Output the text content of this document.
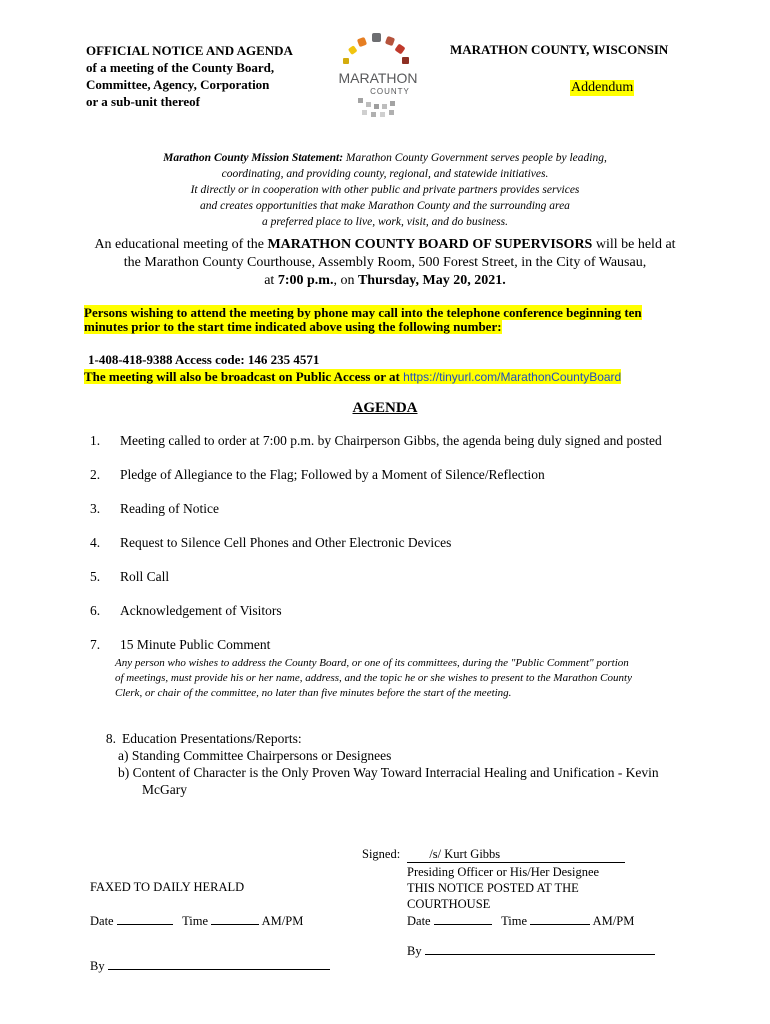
OFFICIAL NOTICE AND AGENDA
of a meeting of the County Board,
Committee, Agency, Corporation
or a sub-unit thereof
MARATHON
COUNTY
MARATHON COUNTY, WISCONSIN
Addendum
Marathon County Mission Statement: Marathon County Government serves people by leading,
coordinating, and providing county, regional, and statewide initiatives.
It directly or in cooperation with other public and private partners provides services
and creates opportunities that make Marathon County and the surrounding area
a preferred place to live, work, visit, and do business.
An educational meeting of the MARATHON COUNTY BOARD OF SUPERVISORS will be held at
the Marathon County Courthouse, Assembly Room, 500 Forest Street, in the City of Wausau,
at 7:00 p.m., on Thursday, May 20, 2021.
Persons wishing to attend the meeting by phone may call into the telephone conference beginning ten minutes prior to the start time indicated above using the following number:
1-408-418-9388 Access code: 146 235 4571
The meeting will also be broadcast on Public Access or at https://tinyurl.com/MarathonCountyBoard
AGENDA
1. Meeting called to order at 7:00 p.m. by Chairperson Gibbs, the agenda being duly signed and posted
2. Pledge of Allegiance to the Flag; Followed by a Moment of Silence/Reflection
3. Reading of Notice
4. Request to Silence Cell Phones and Other Electronic Devices
5. Roll Call
6. Acknowledgement of Visitors
7. 15 Minute Public Comment
Any person who wishes to address the County Board, or one of its committees, during the "Public Comment" portion of meetings, must provide his or her name, address, and the topic he or she wishes to present to the Marathon County Clerk, or chair of the committee, no later than five minutes before the start of the meeting.
8. Education Presentations/Reports:
a) Standing Committee Chairpersons or Designees
b) Content of Character is the Only Proven Way Toward Interracial Healing and Unification - Kevin
McGary
Signed: /s/ Kurt Gibbs
Presiding Officer or His/Her Designee
THIS NOTICE POSTED AT THE
COURTHOUSE
FAXED TO DAILY HERALD
Date	Time	AM/PM	Date	Time	AM/PM
By
By
